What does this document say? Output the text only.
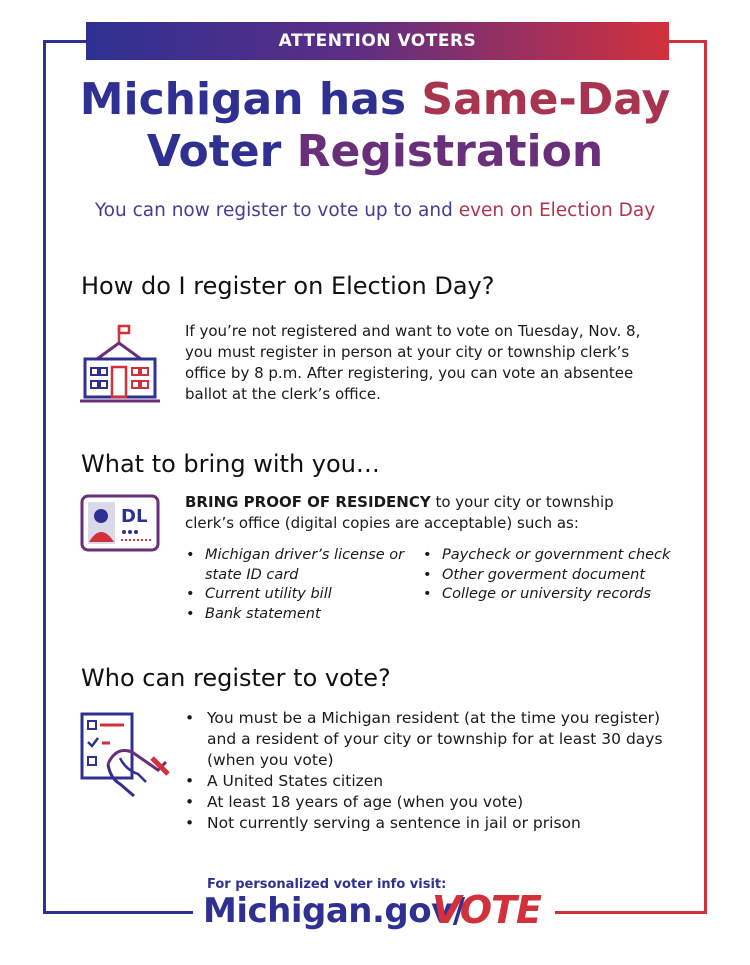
ATTENTION VOTERS
Michigan has Same-Day
Voter Registration
You can now register to vote up to and even on Election Day
How do I register on Election Day?
If you’re not registered and want to vote on Tuesday, Nov. 8,
you must register in person at your city or township clerk’s
office by 8 p.m. After registering, you can vote an absentee
ballot at the clerk’s office.
What to bring with you…
DL
BRING PROOF OF RESIDENCY to your city or township
clerk’s office (digital copies are acceptable) such as:
• Michigan driver’s license or
state ID card
• Current utility bill
• Bank statement
• Paycheck or government check
• Other goverment document
• College or university records
Who can register to vote?
• You must be a Michigan resident (at the time you register)
and a resident of your city or township for at least 30 days
(when you vote)
• A United States citizen
• At least 18 years of age (when you vote)
• Not currently serving a sentence in jail or prison
For personalized voter info visit:
Michigan.gov/
VOTE
